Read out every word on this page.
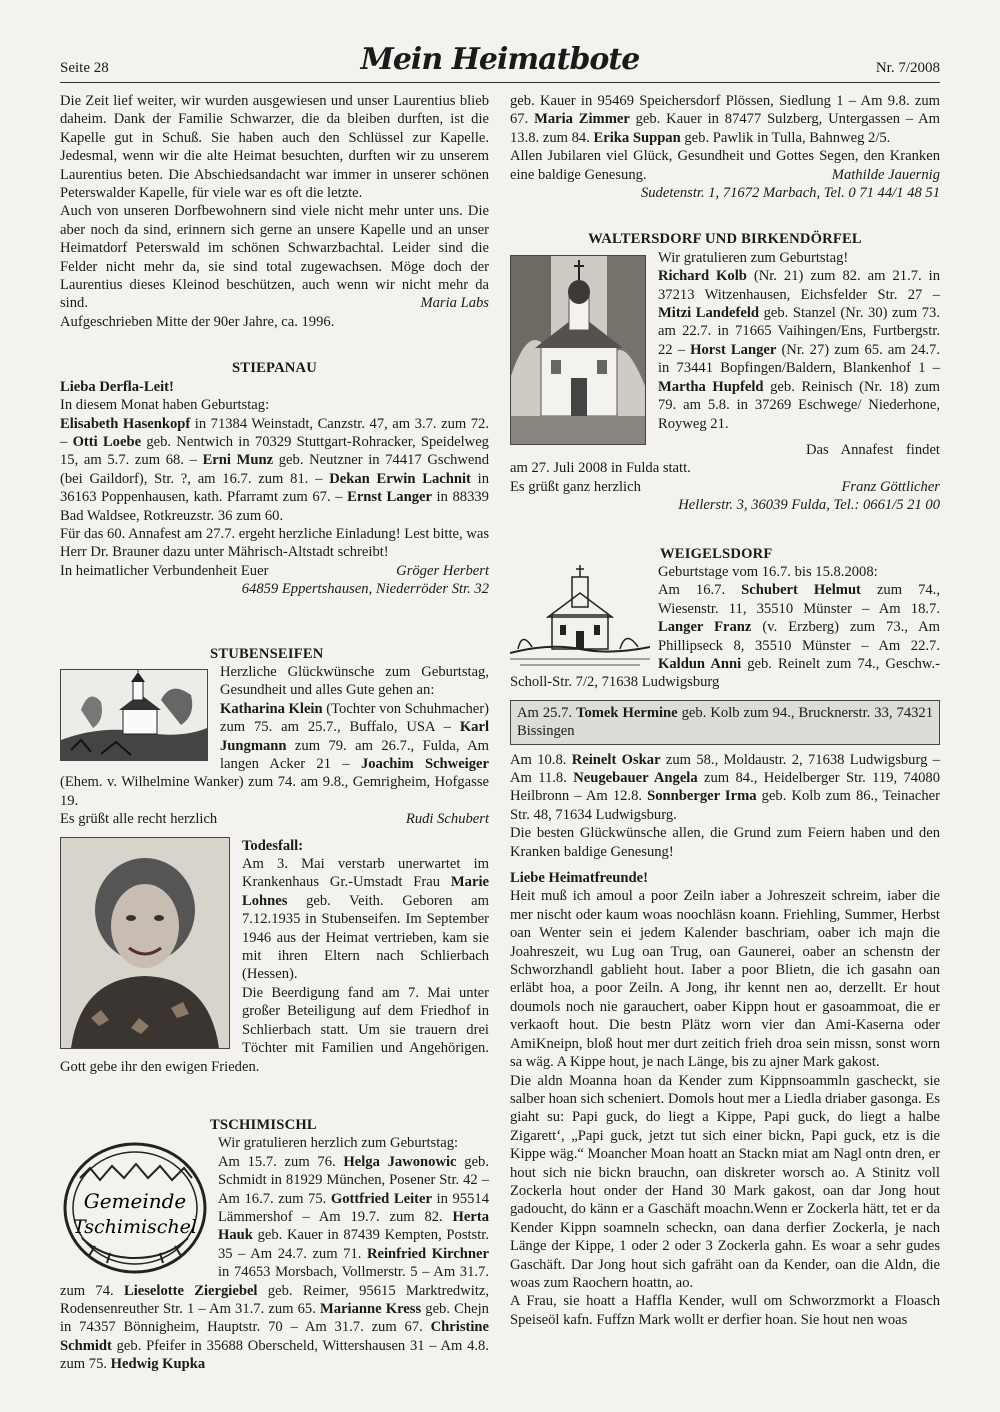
Seite 28	Mein Heimatbote	Nr. 7/2008

Die Zeit lief weiter, wir wurden ausgewiesen und unser Laurentius blieb daheim. Dank der Familie Schwarzer, die da bleiben durften, ist die Kapelle gut in Schuß. Sie haben auch den Schlüssel zur Kapelle. Jedesmal, wenn wir die alte Heimat besuchten, durften wir zu unserem Laurentius beten. Die Abschiedsandacht war immer in unserer schönen Peterswalder Kapelle, für viele war es oft die letzte.

Auch von unseren Dorfbewohnern sind viele nicht mehr unter uns. Die aber noch da sind, erinnern sich gerne an unsere Kapelle und an unser Heimatdorf Peterswald im schönen Schwarzbachtal. Leider sind die Felder nicht mehr da, sie sind total zugewachsen. Möge doch der Laurentius dieses Kleinod beschützen, auch wenn wir nicht mehr da sind.	Maria Labs

Aufgeschrieben Mitte der 90er Jahre, ca. 1996.

STIEPANAU

Lieba Derfla-Leit!

In diesem Monat haben Geburtstag:

Elisabeth Hasenkopf in 71384 Weinstadt, Canzstr. 47, am 3.7. zum 72. – Otti Loebe geb. Nentwich in 70329 Stuttgart-Rohracker, Speidelweg 15, am 5.7. zum 68. – Erni Munz geb. Neutzner in 74417 Gschwend (bei Gaildorf), Str. ?, am 16.7. zum 81. – Dekan Erwin Lachnit in 36163 Poppenhausen, kath. Pfarramt zum 67. – Ernst Langer in 88339 Bad Waldsee, Rotkreuzstr. 36 zum 60.

Für das 60. Annafest am 27.7. ergeht herzliche Einladung! Lest bitte, was Herr Dr. Brauner dazu unter Mährisch-Altstadt schreibt!

In heimatlicher Verbundenheit Euer	Gröger Herbert

64859 Eppertshausen, Niederröder Str. 32

STUBENSEIFEN

Herzliche Glückwünsche zum Geburtstag, Gesundheit und alles Gute gehen an:

Katharina Klein (Tochter von Schuhmacher) zum 75. am 25.7., Buffalo, USA – Karl Jungmann zum 79. am 26.7., Fulda, Am langen Acker 21 – Joachim Schweiger (Ehem. v. Wilhelmine Wanker) zum 74. am 9.8., Gemrigheim, Hofgasse 19.

Es grüßt alle recht herzlich	Rudi Schubert

Todesfall:

Am 3. Mai verstarb unerwartet im Krankenhaus Gr.-Umstadt Frau Marie Lohnes geb. Veith. Geboren am 7.12.1935 in Stubenseifen. Im September 1946 aus der Heimat vertrieben, kam sie mit ihren Eltern nach Schlierbach (Hessen).

Die Beerdigung fand am 7. Mai unter großer Beteiligung auf dem Friedhof in Schlierbach statt. Um sie trauern drei Töchter mit Familien und Angehörigen. Gott gebe ihr den ewigen Frieden.

TSCHIMISCHL
Gemeinde
Tschimischel

Wir gratulieren herzlich zum Geburtstag:

Am 15.7. zum 76. Helga Jawonowic geb. Schmidt in 81929 München, Posener Str. 42 – Am 16.7. zum 75. Gottfried Leiter in 95514 Lämmershof – Am 19.7. zum 82. Herta Hauk geb. Kauer in 87439 Kempten, Poststr. 35 – Am 24.7. zum 71. Reinfried Kirchner in 74653 Morsbach, Vollmerstr. 5 – Am 31.7. zum 74. Lieselotte Ziergiebel geb. Reimer, 95615 Marktredwitz, Rodensenreuther Str. 1 – Am 31.7. zum 65. Marianne Kress geb. Chejn in 74357 Bönnigheim, Hauptstr. 70 – Am 31.7. zum 67. Christine Schmidt geb. Pfeifer in 35688 Oberscheld, Wittershausen 31 – Am 4.8. zum 75. Hedwig Kupka

geb. Kauer in 95469 Speichersdorf Plössen, Siedlung 1 – Am 9.8. zum 67. Maria Zimmer geb. Kauer in 87477 Sulzberg, Untergassen – Am 13.8. zum 84. Erika Suppan geb. Pawlik in Tulla, Bahnweg 2/5.

Allen Jubilaren viel Glück, Gesundheit und Gottes Segen, den Kranken eine baldige Genesung.	Mathilde Jauernig

Sudetenstr. 1, 71672 Marbach, Tel. 0 71 44/1 48 51

WALTERSDORF UND BIRKENDÖRFEL

Wir gratulieren zum Geburtstag!

Richard Kolb (Nr. 21) zum 82. am 21.7. in 37213 Witzenhausen, Eichsfelder Str. 27 – Mitzi Landefeld geb. Stanzel (Nr. 30) zum 73. am 22.7. in 71665 Vaihingen/Ens, Furtbergstr. 22 – Horst Langer (Nr. 27) zum 65. am 24.7. in 73441 Bopfingen/Baldern, Blankenhof 1 – Martha Hupfeld geb. Reinisch (Nr. 18) zum 79. am 5.8. in 37269 Eschwege/ Niederhone, Royweg 21.

Das Annafest findet am 27. Juli 2008 in Fulda statt.

Es grüßt ganz herzlich	Franz Göttlicher

Hellerstr. 3, 36039 Fulda, Tel.: 0661/5 21 00

WEIGELSDORF

Geburtstage vom 16.7. bis 15.8.2008:

Am 16.7. Schubert Helmut zum 74., Wiesenstr. 11, 35510 Münster – Am 18.7. Langer Franz (v. Erzberg) zum 73., Am Phillipseck 8, 35510 Münster – Am 22.7. Kaldun Anni geb. Reinelt zum 74., Geschw.-Scholl-Str. 7/2, 71638 Ludwigsburg

Am 25.7. Tomek Hermine geb. Kolb zum 94., Brucknerstr. 33, 74321 Bissingen

Am 10.8. Reinelt Oskar zum 58., Moldaustr. 2, 71638 Ludwigsburg – Am 11.8. Neugebauer Angela zum 84., Heidelberger Str. 119, 74080 Heilbronn – Am 12.8. Sonnberger Irma geb. Kolb zum 86., Teinacher Str. 48, 71634 Ludwigsburg.

Die besten Glückwünsche allen, die Grund zum Feiern haben und den Kranken baldige Genesung!

Liebe Heimatfreunde!

Heit muß ich amoul a poor Zeiln iaber a Johreszeit schreim, iaber die mer nischt oder kaum woas noochläsn koann. Friehling, Summer, Herbst oan Wenter sein ei jedem Kalender baschriam, oaber ich majn die Joahreszeit, wu Lug oan Trug, oan Gaunerei, oaber an schenstn der Schworzhandl gablieht hout. Iaber a poor Blietn, die ich gasahn oan erläbt hoa, a poor Zeiln. A Jong, ihr kennt nen ao, derzellt. Er hout doumols noch nie garauchert, oaber Kippn hout er gasoammoat, die er verkaoft hout. Die bestn Plätz worn vier dan Ami-Kaserna oder AmiKneipn, bloß hout mer durt zeitich frieh droa sein missn, sonst worn sa wäg. A Kippe hout, je nach Länge, bis zu ajner Mark gakost.

Die aldn Moanna hoan da Kender zum Kippnsoammln gascheckt, sie salber hoan sich scheniert. Domols hout mer a Liedla driaber gasonga. Es giaht su: Papi guck, do liegt a Kippe, Papi guck, do liegt a halbe Zigarett‘, „Papi guck, jetzt tut sich einer bickn, Papi guck, etz is die Kippe wäg.“ Moancher Moan hoatt an Stackn miat am Nagl ontn dren, er hout sich nie bickn brauchn, oan diskreter worsch ao. A Stinitz voll Zockerla hout onder der Hand 30 Mark gakost, oan dar Jong hout gadoucht, do känn er a Gaschäft moachn.Wenn er Zockerla hätt, tet er da Kender Kippn soamneln scheckn, oan dana derfier Zockerla, je nach Länge der Kippe, 1 oder 2 oder 3 Zockerla gahn. Es woar a sehr gudes Gaschäft. Dar Jong hout sich gafräht oan da Kender, oan die Aldn, die woas zum Raochern hoattn, ao.

A Frau, sie hoatt a Haffla Kender, wull om Schworzmorkt a Floasch Speiseöl kafn. Fuffzn Mark wollt er derfier hoan. Sie hout nen woas
